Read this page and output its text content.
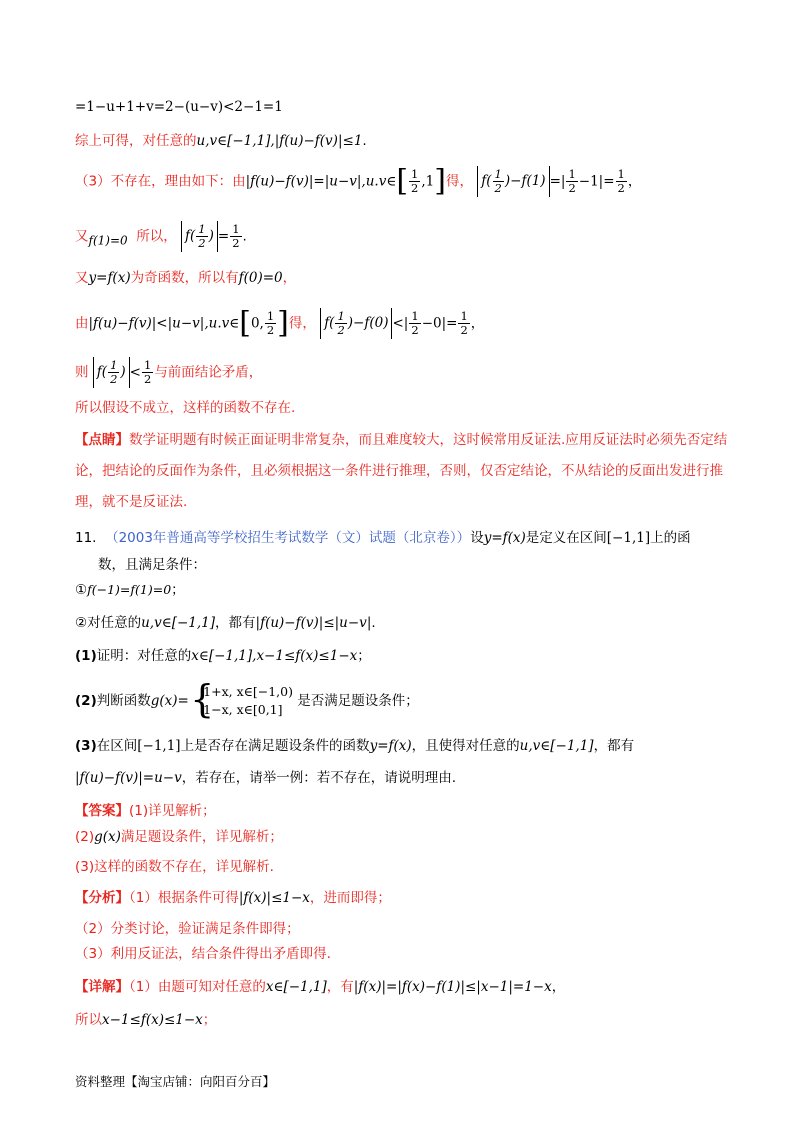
=1−u+1+v=2−(u−v)<2−1=1
综上可得，对任意的u,v∈[−1,1],|f(u)−f(v)|≤1.
（3）不存在，理由如下：由|f(u)−f(v)|=|u−v|,u.v∈[ $\frac{1}{2} ,1$]得， $f( \frac{1}{2} )-f(1)$ =| $\frac{1}{2} -1|= \frac{1}{2}$ ，
又f(1)=0 所以， $f( \frac{1}{2}$ ) = $\frac{1}{2}$ .
又y=f(x)为奇函数，所以有f(0)=0，
由|f(u)−f(v)|<|u−v|,u.v∈[0, $\frac{1}{2}$ ]得， $f( \frac{1}{2} )-f(0)$ <| $\frac{1}{2} -0|= \frac{1}{2}$ ，
则 $f( \frac{1}{2}$ ) < $\frac{1}{2}$ 与前面结论矛盾，
所以假设不成立，这样的函数不存在.
【点睛】数学证明题有时候正面证明非常复杂，而且难度较大，这时候常用反证法.应用反证法时必须先否定结论，把结论的反面作为条件，且必须根据这一条件进行推理，否则，仅否定结论，不从结论的反面出发进行推理，就不是反证法.
11. （2003年普通高等学校招生考试数学（文）试题（北京卷））设y=f(x)是定义在区间[−1,1]上的函
数，且满足条件：
①f(−1)=f(1)=0；
②对任意的u,v∈[−1,1]，都有|f(u)−f(v)|≤|u−v|.
(1)证明：对任意的x∈[−1,1],x−1≤f(x)≤1−x；
(2)判断函数g(x)=
{ 1+x, x∈[−1,0)
1−x, x∈[0,1]
是否满足题设条件；
(3)在区间[−1,1]上是否存在满足题设条件的函数y=f(x)，且使得对任意的u,v∈[−1,1]，都有
|f(u)−f(v)|=u−v，若存在，请举一例：若不存在，请说明理由.
【答案】(1)详见解析；
(2)g(x)满足题设条件，详见解析；
(3)这样的函数不存在，详见解析.
【分析】（1）根据条件可得|f(x)|≤1−x，进而即得；
（2）分类讨论，验证满足条件即得；
（3）利用反证法，结合条件得出矛盾即得.
【详解】（1）由题可知对任意的x∈[−1,1]，有|f(x)|=|f(x)−f(1)|≤|x−1|=1−x，
所以x−1≤f(x)≤1−x；
资料整理【淘宝店铺：向阳百分百】
